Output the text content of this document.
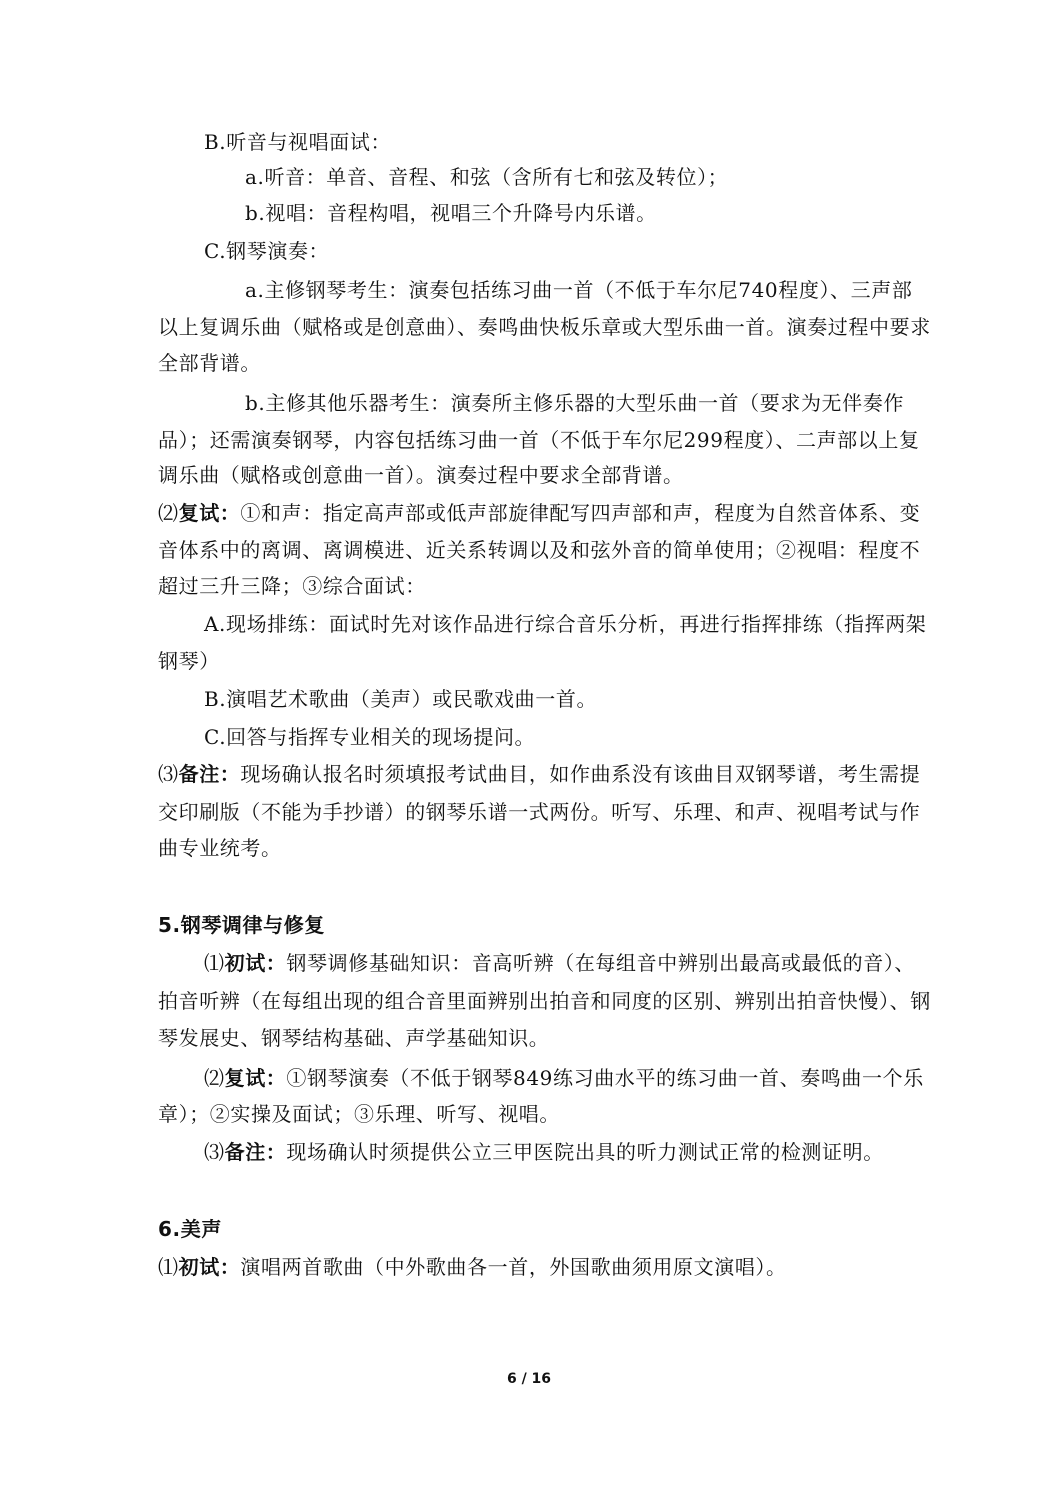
B.听音与视唱面试：
a.听音：单音、音程、和弦（含所有七和弦及转位）；
b.视唱：音程构唱，视唱三个升降号内乐谱。
C.钢琴演奏：
a.主修钢琴考生：演奏包括练习曲一首（不低于车尔尼740程度）、三声部
以上复调乐曲（赋格或是创意曲）、奏鸣曲快板乐章或大型乐曲一首。演奏过程中要求
全部背谱。
b.主修其他乐器考生：演奏所主修乐器的大型乐曲一首（要求为无伴奏作
品）；还需演奏钢琴，内容包括练习曲一首（不低于车尔尼299程度）、二声部以上复
调乐曲（赋格或创意曲一首）。演奏过程中要求全部背谱。
⑵复试：①和声：指定高声部或低声部旋律配写四声部和声，程度为自然音体系、变
音体系中的离调、离调模进、近关系转调以及和弦外音的简单使用；②视唱：程度不
超过三升三降；③综合面试：
A.现场排练：面试时先对该作品进行综合音乐分析，再进行指挥排练（指挥两架
钢琴）
B.演唱艺术歌曲（美声）或民歌戏曲一首。
C.回答与指挥专业相关的现场提问。
⑶备注：现场确认报名时须填报考试曲目，如作曲系没有该曲目双钢琴谱，考生需提
交印刷版（不能为手抄谱）的钢琴乐谱一式两份。听写、乐理、和声、视唱考试与作
曲专业统考。
5.钢琴调律与修复
⑴初试：钢琴调修基础知识：音高听辨（在每组音中辨别出最高或最低的音）、
拍音听辨（在每组出现的组合音里面辨别出拍音和同度的区别、辨别出拍音快慢）、钢
琴发展史、钢琴结构基础、声学基础知识。
⑵复试：①钢琴演奏（不低于钢琴849练习曲水平的练习曲一首、奏鸣曲一个乐
章）；②实操及面试；③乐理、听写、视唱。
⑶备注：现场确认时须提供公立三甲医院出具的听力测试正常的检测证明。
6.美声
⑴初试：演唱两首歌曲（中外歌曲各一首，外国歌曲须用原文演唱）。
6 / 16
